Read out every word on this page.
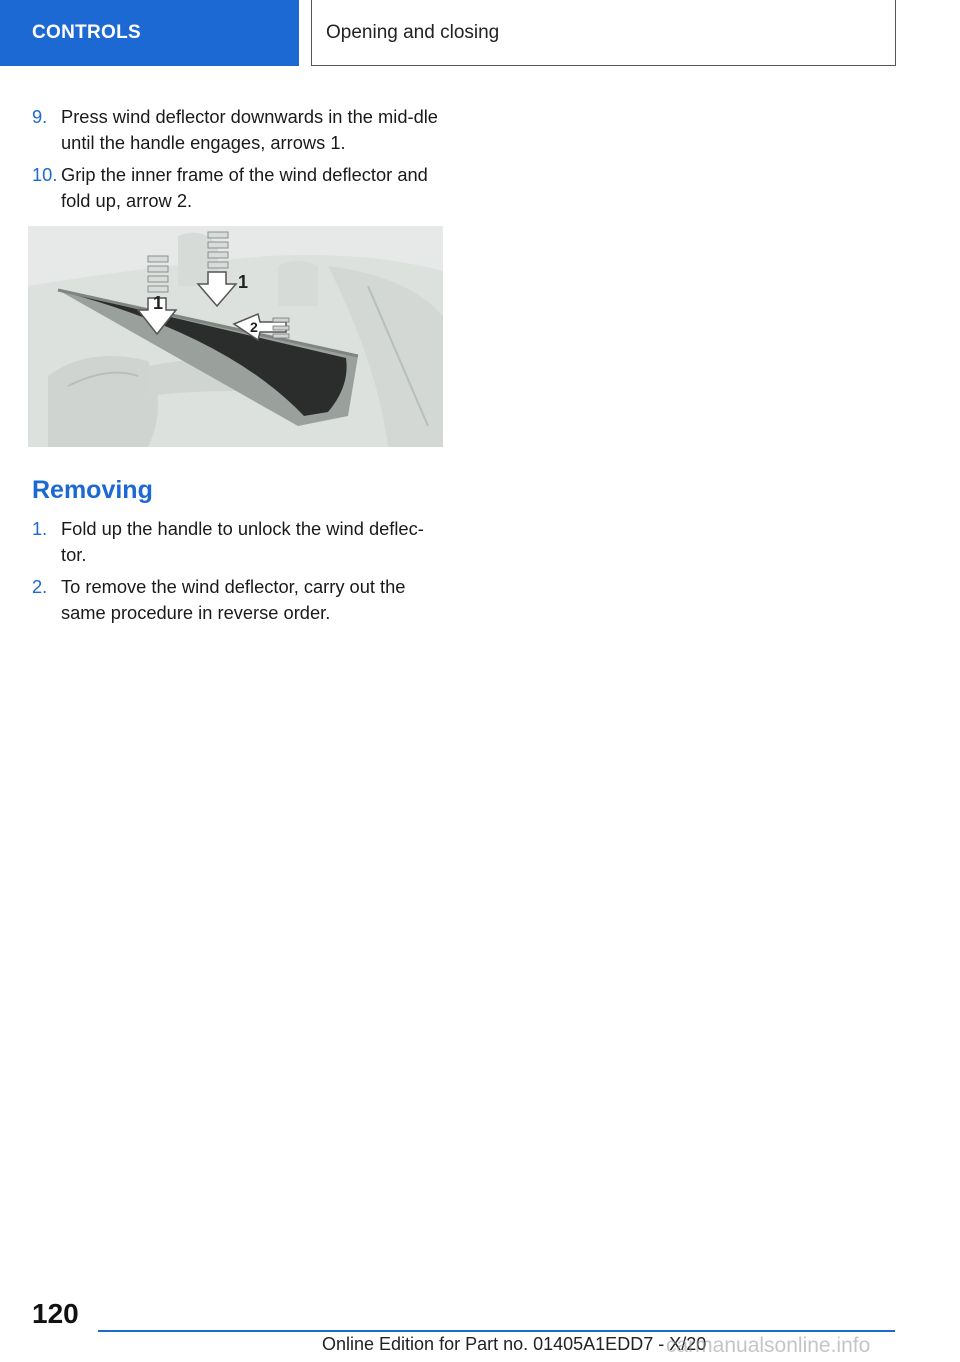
CONTROLS	Opening and closing
9. Press wind deflector downwards in the mid-dle until the handle engages, arrows 1.
10. Grip the inner frame of the wind deflector and fold up, arrow 2.
1
1
2
Removing
1. Fold up the handle to unlock the wind deflec-tor.
2. To remove the wind deflector, carry out the same procedure in reverse order.
120
Online Edition for Part no. 01405A1EDD7 - X/20
carmanualsonline.info
